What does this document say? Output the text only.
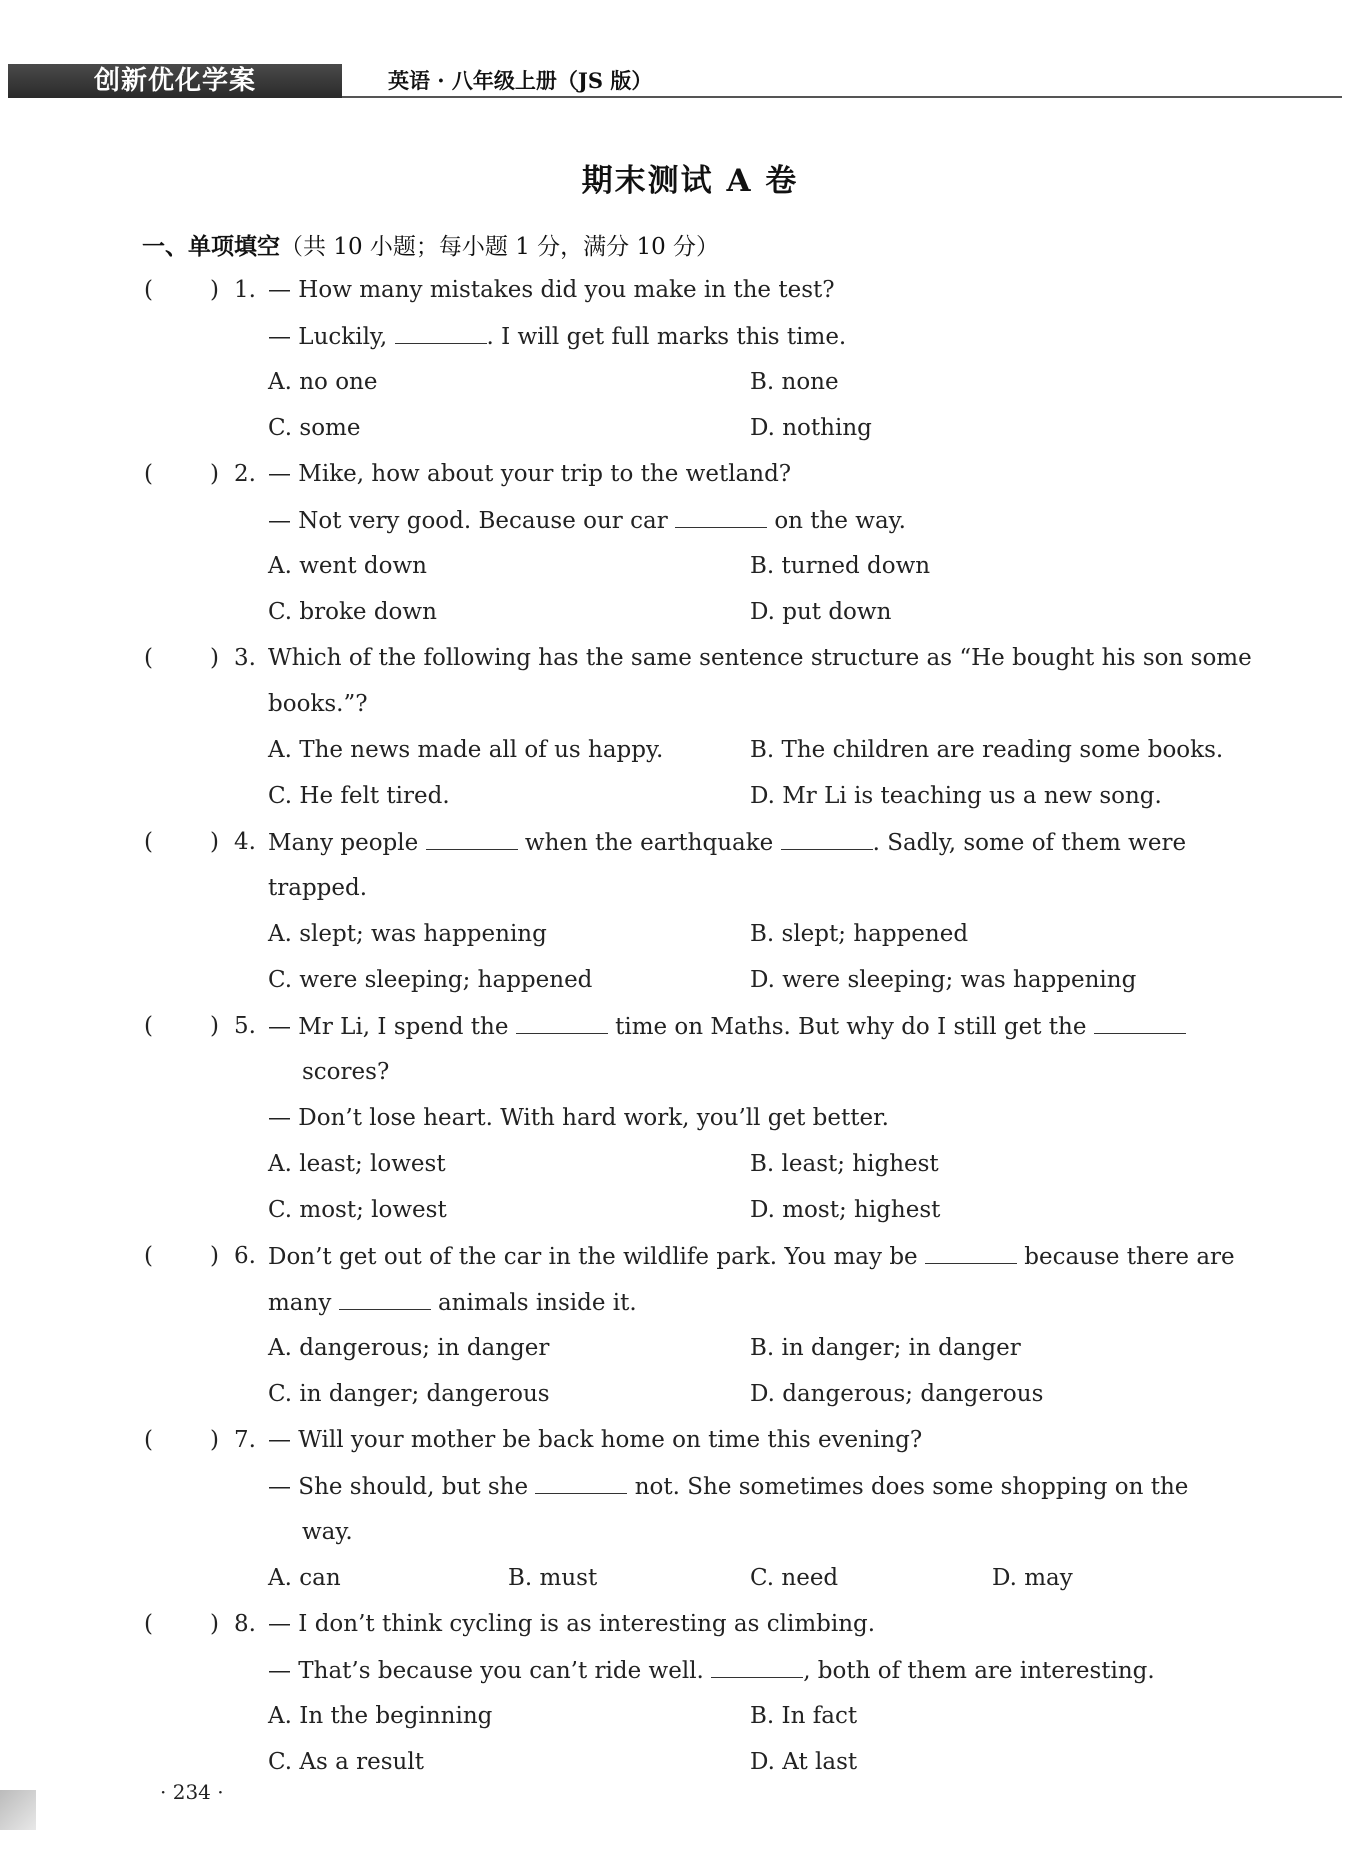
创新优化学案	英语 · 八年级上册（JS 版）
期末测试 A 卷
一、单项填空（共 10 小题；每小题 1 分，满分 10 分）
( ) 1. — How many mistakes did you make in the test?
— Luckily,	. I will get full marks this time.
A. no one	B. none
C. some	D. nothing
( ) 2. — Mike, how about your trip to the wetland?
— Not very good. Because our car	on the way.
A. went down	B. turned down
C. broke down	D. put down
( ) 3. Which of the following has the same sentence structure as “He bought his son some
books.”?
A. The news made all of us happy.	B. The children are reading some books.
C. He felt tired.	D. Mr Li is teaching us a new song.
( ) 4. Many people	when the earthquake	. Sadly, some of them were
trapped.
A. slept; was happening	B. slept; happened
C. were sleeping; happened	D. were sleeping; was happening
( ) 5. — Mr Li, I spend the	time on Maths. But why do I still get the
scores?
— Don’t lose heart. With hard work, you’ll get better.
A. least; lowest	B. least; highest
C. most; lowest	D. most; highest
( ) 6. Don’t get out of the car in the wildlife park. You may be	because there are
many	animals inside it.
A. dangerous; in danger	B. in danger; in danger
C. in danger; dangerous	D. dangerous; dangerous
( ) 7. — Will your mother be back home on time this evening?
— She should, but she	not. She sometimes does some shopping on the
way.
A. can	B. must	C. need	D. may
( ) 8. — I don’t think cycling is as interesting as climbing.
— That’s because you can’t ride well.	, both of them are interesting.
A. In the beginning	B. In fact
C. As a result	D. At last
· 234 ·
